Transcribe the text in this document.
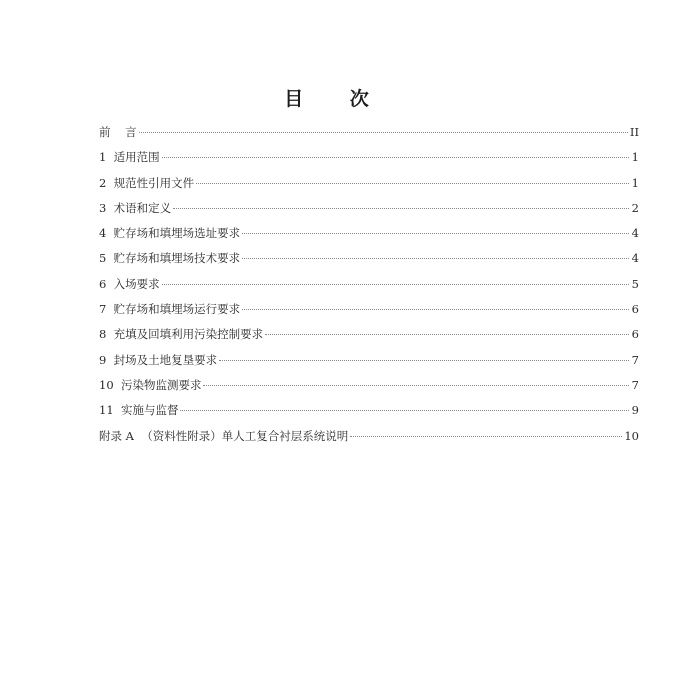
目 次
前    言	II
1 适用范围	1
2 规范性引用文件	1
3 术语和定义	2
4 贮存场和填埋场选址要求	4
5 贮存场和填埋场技术要求	4
6 入场要求	5
7 贮存场和填埋场运行要求	6
8 充填及回填利用污染控制要求	6
9 封场及土地复垦要求	7
10 污染物监测要求	7
11 实施与监督	9
附录 A （资料性附录）单人工复合衬层系统说明	10
